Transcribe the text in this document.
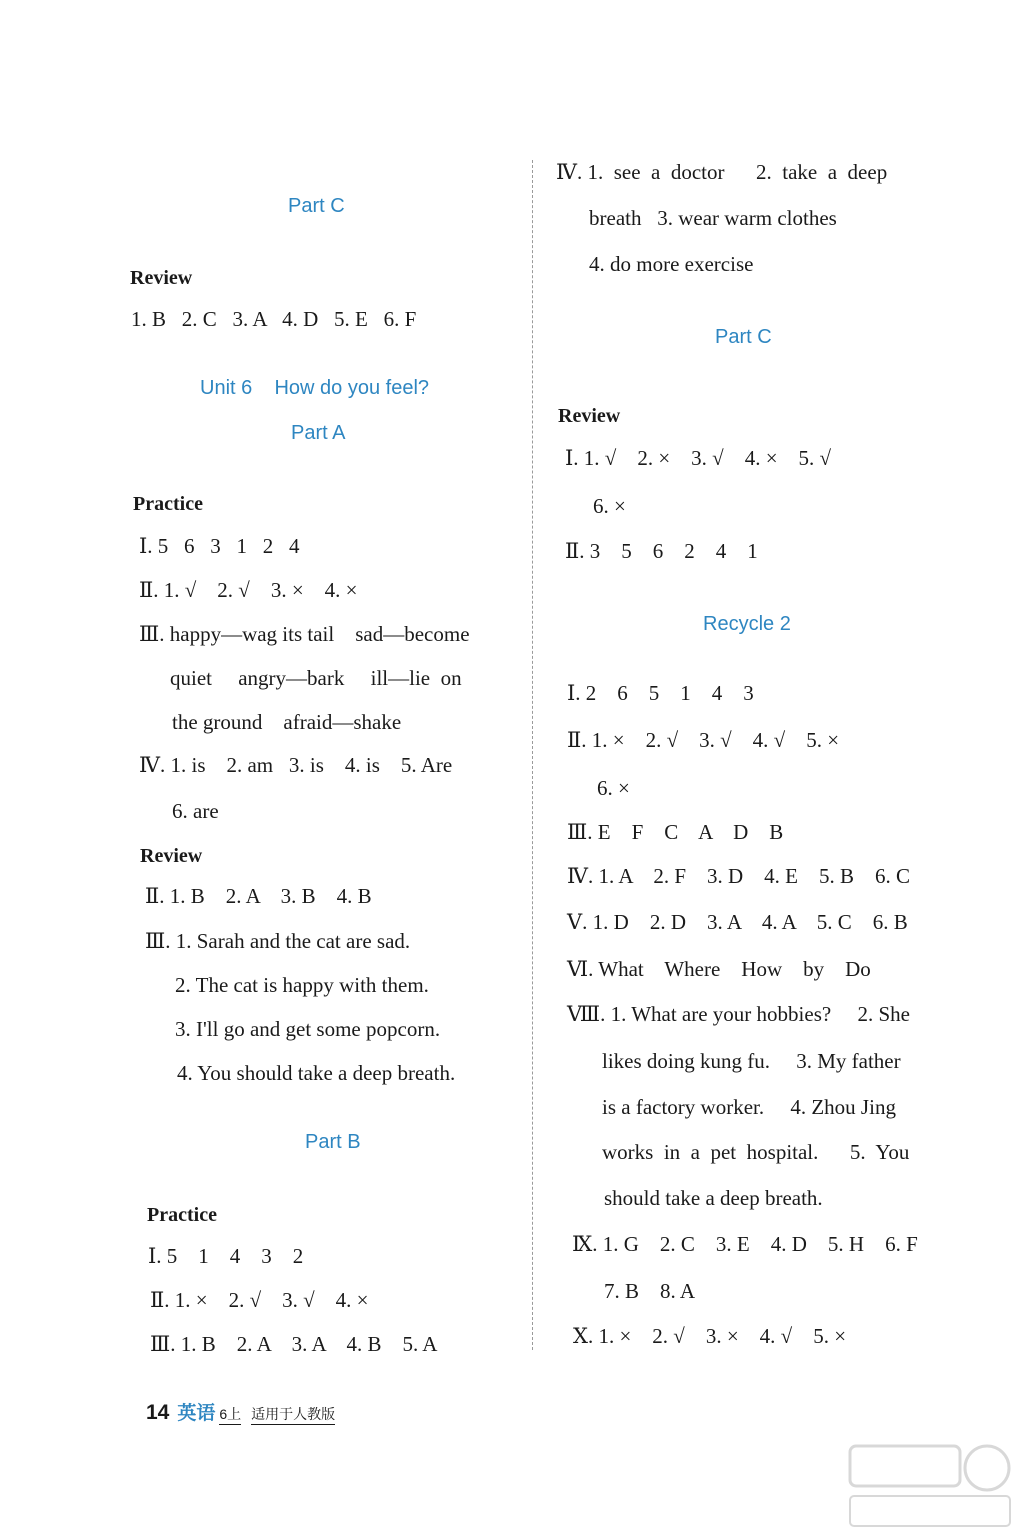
Part C
Review
1. B   2. C   3. A   4. D   5. E   6. F
Unit 6    How do you feel?
Part A
Practice
Ⅰ. 5   6   3   1   2   4
Ⅱ. 1. √    2. √    3. ×    4. ×
Ⅲ. happy—wag its tail    sad—become
quiet     angry—bark     ill—lie  on
the ground    afraid—shake
Ⅳ. 1. is    2. am   3. is    4. is    5. Are
6. are
Review
Ⅱ. 1. B    2. A    3. B    4. B
Ⅲ. 1. Sarah and the cat are sad.
2. The cat is happy with them.
3. I'll go and get some popcorn.
4. You should take a deep breath.
Part B
Practice
Ⅰ. 5    1    4    3    2
Ⅱ. 1. ×    2. √    3. √    4. ×
Ⅲ. 1. B    2. A    3. A    4. B    5. A
Ⅳ. 1.  see  a  doctor      2.  take  a  deep
breath   3. wear warm clothes
4. do more exercise
Part C
Review
Ⅰ. 1. √    2. ×    3. √    4. ×    5. √
6. ×
Ⅱ. 3    5    6    2    4    1
Recycle 2
Ⅰ. 2    6    5    1    4    3
Ⅱ. 1. ×    2. √    3. √    4. √    5. ×
6. ×
Ⅲ. E    F    C    A    D    B
Ⅳ. 1. A    2. F    3. D    4. E    5. B    6. C
Ⅴ. 1. D    2. D    3. A    4. A    5. C    6. B
Ⅵ. What    Where    How    by    Do
Ⅷ. 1. What are your hobbies?     2. She
likes doing kung fu.     3. My father
is a factory worker.     4. Zhou Jing
works  in  a  pet  hospital.      5.  You
should take a deep breath.
Ⅸ. 1. G    2. C    3. E    4. D    5. H    6. F
7. B    8. A
Ⅹ. 1. ×    2. √    3. ×    4. √    5. ×
14 英语 6上 适用于人教版
